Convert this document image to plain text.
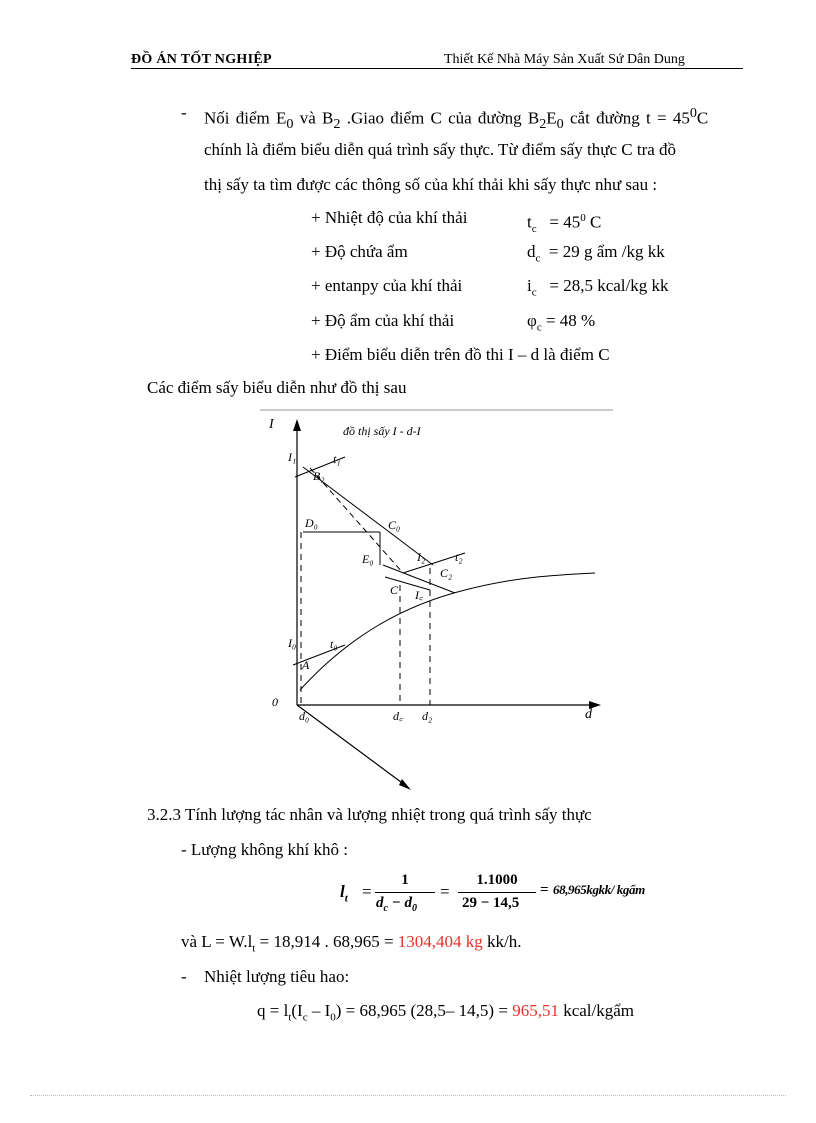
ĐỒ ÁN TỐT NGHIỆP	Thiết Kế Nhà Máy Sản Xuất Sứ Dân Dung
- Nối điểm $E_0$ và $B_2$ .Giao điểm C của đường $B_2E_0$ cắt đường $t = 45^0C$
chính là điểm biểu diễn quá trình sấy thực. Từ điểm sấy thực C tra đồ
thị sấy ta tìm được các thông số của khí thải khi sấy thực như sau :
+ Nhiệt độ của khí thải	$t_c = 45^0$ C
+ Độ chứa ẩm	$d_c = 29$ g ẩm /kg kk
+ entanpy của khí thải	$i_c = 28,5$ kcal/kg kk
+ Độ ẩm của khí thải	$\varphi_c = 48$ %
+ Điểm biểu diễn trên đồ thi I – d là điểm C
Các điểm sấy biểu diễn như đồ thị sau
I
d
0
đồ thị sấy I - d-I
I₁	t₁
B₂
D₀	C₀
E₀	I₂ t₂
C₂
C I꜀
I₀	t₀
A
d₀	d꜀ d₂
3.2.3 Tính lượng tác nhân và lượng nhiệt trong quá trình sấy thực
- Lượng không khí khô :
$l_t$ =
1
$d_c - d_0$
=
1.1000
29 − 14,5
= 68,965kgkk/ kgẩm
và $L = W.l_t = 18,914$ . 68,965 = 1304,404 kg kk/h.
- Nhiệt lượng tiêu hao:
$q = l_t(I_c - I_0) = 68,965$ (28,5– 14,5) = 965,51 kcal/kgẩm
